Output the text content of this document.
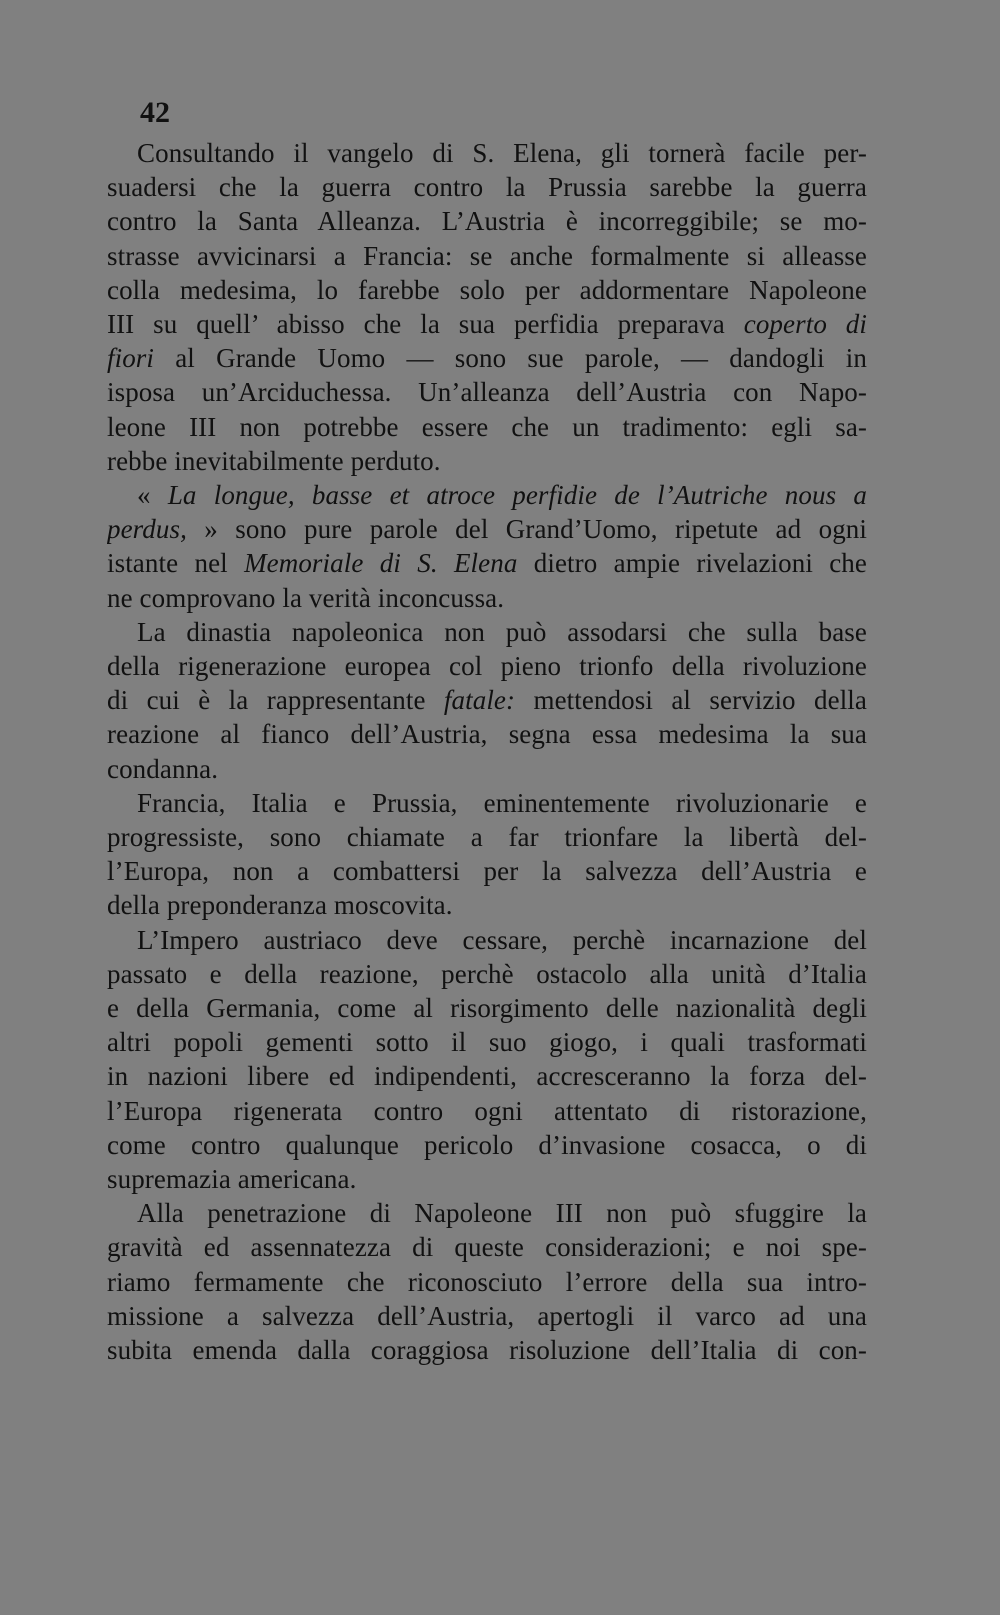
42
Consultando il vangelo di S. Elena, gli tornerà facile per-
suadersi che la guerra contro la Prussia sarebbe la guerra
contro la Santa Alleanza. L’Austria è incorreggibile; se mo-
strasse avvicinarsi a Francia: se anche formalmente si alleasse
colla medesima, lo farebbe solo per addormentare Napoleone
III su quell’ abisso che la sua perfidia preparava coperto di
fiori al Grande Uomo — sono sue parole, — dandogli in
isposa un’Arciduchessa. Un’alleanza dell’Austria con Napo-
leone III non potrebbe essere che un tradimento: egli sa-
rebbe inevitabilmente perduto.
« La longue, basse et atroce perfidie de l’Autriche nous a
perdus, » sono pure parole del Grand’Uomo, ripetute ad ogni
istante nel Memoriale di S. Elena dietro ampie rivelazioni che
ne comprovano la verità inconcussa.
La dinastia napoleonica non può assodarsi che sulla base
della rigenerazione europea col pieno trionfo della rivoluzione
di cui è la rappresentante fatale: mettendosi al servizio della
reazione al fianco dell’Austria, segna essa medesima la sua
condanna.
Francia, Italia e Prussia, eminentemente rivoluzionarie e
progressiste, sono chiamate a far trionfare la libertà del-
l’Europa, non a combattersi per la salvezza dell’Austria e
della preponderanza moscovita.
L’Impero austriaco deve cessare, perchè incarnazione del
passato e della reazione, perchè ostacolo alla unità d’Italia
e della Germania, come al risorgimento delle nazionalità degli
altri popoli gementi sotto il suo giogo, i quali trasformati
in nazioni libere ed indipendenti, accresceranno la forza del-
l’Europa rigenerata contro ogni attentato di ristorazione,
come contro qualunque pericolo d’invasione cosacca, o di
supremazia americana.
Alla penetrazione di Napoleone III non può sfuggire la
gravità ed assennatezza di queste considerazioni; e noi spe-
riamo fermamente che riconosciuto l’errore della sua intro-
missione a salvezza dell’Austria, apertogli il varco ad una
subita emenda dalla coraggiosa risoluzione dell’Italia di con-
